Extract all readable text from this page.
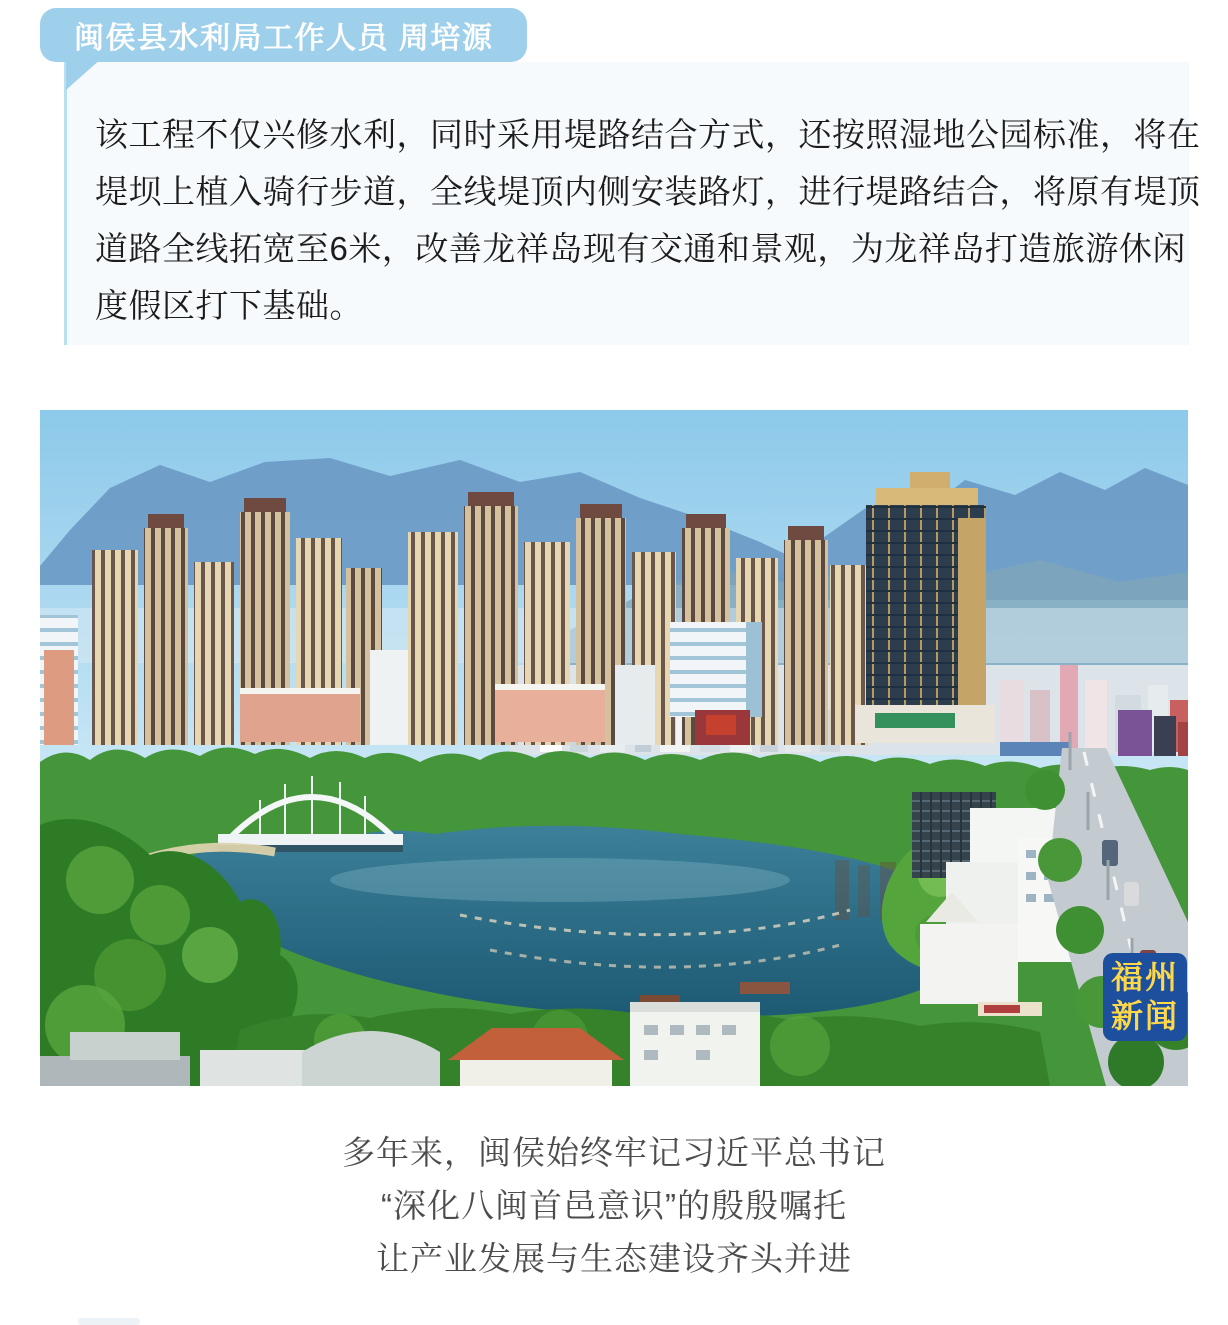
闽侯县水利局工作人员 周培源
该工程不仅兴修水利，同时采用堤路结合方式，还按照湿地公园标准，将在
堤坝上植入骑行步道，全线堤顶内侧安装路灯，进行堤路结合，将原有堤顶
道路全线拓宽至6米，改善龙祥岛现有交通和景观，为龙祥岛打造旅游休闲
度假区打下基础。
福州
新闻
多年来，闽侯始终牢记习近平总书记
“深化八闽首邑意识”的殷殷嘱托
让产业发展与生态建设齐头并进
